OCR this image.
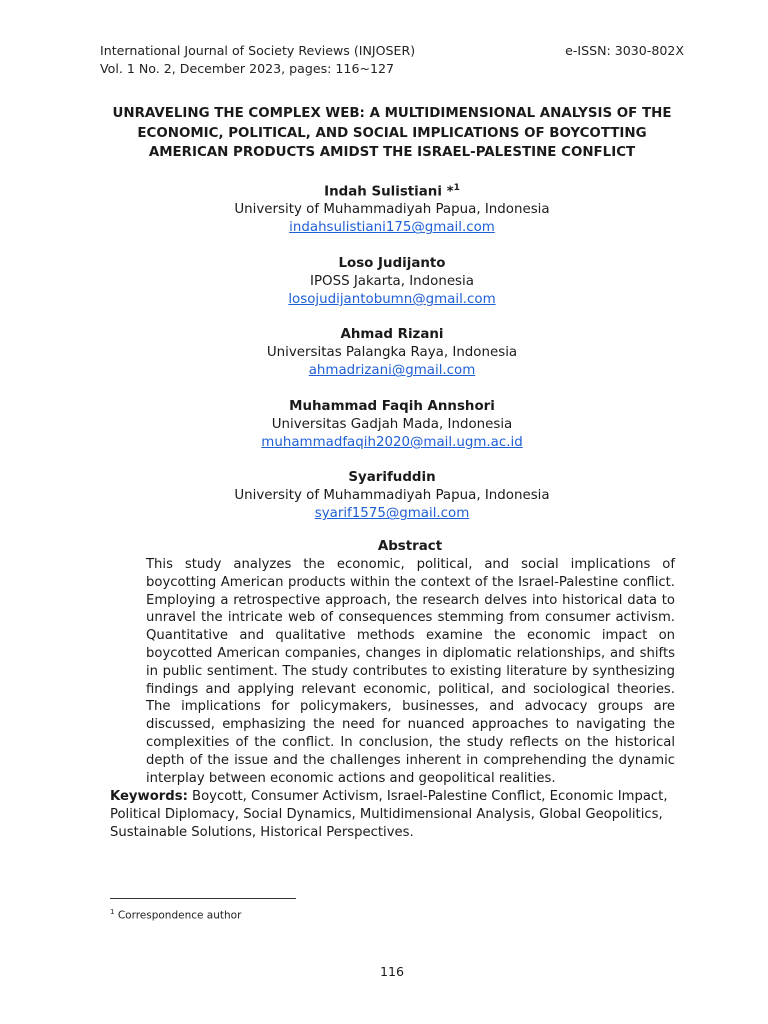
International Journal of Society Reviews (INJOSER)
Vol. 1 No. 2, December 2023, pages: 116~127
e-ISSN: 3030-802X
UNRAVELING THE COMPLEX WEB: A MULTIDIMENSIONAL ANALYSIS OF THE ECONOMIC, POLITICAL, AND SOCIAL IMPLICATIONS OF BOYCOTTING AMERICAN PRODUCTS AMIDST THE ISRAEL-PALESTINE CONFLICT
Indah Sulistiani *$^1$
University of Muhammadiyah Papua, Indonesia
indahsulistiani175@gmail.com
Loso Judijanto
IPOSS Jakarta, Indonesia
losojudijantobumn@gmail.com
Ahmad Rizani
Universitas Palangka Raya, Indonesia
ahmadrizani@gmail.com
Muhammad Faqih Annshori
Universitas Gadjah Mada, Indonesia
muhammadfaqih2020@mail.ugm.ac.id
Syarifuddin
University of Muhammadiyah Papua, Indonesia
syarif1575@gmail.com
Abstract
This study analyzes the economic, political, and social implications of boycotting American products within the context of the Israel-Palestine conflict. Employing a retrospective approach, the research delves into historical data to unravel the intricate web of consequences stemming from consumer activism. Quantitative and qualitative methods examine the economic impact on boycotted American companies, changes in diplomatic relationships, and shifts in public sentiment. The study contributes to existing literature by synthesizing findings and applying relevant economic, political, and sociological theories. The implications for policymakers, businesses, and advocacy groups are discussed, emphasizing the need for nuanced approaches to navigating the complexities of the conflict. In conclusion, the study reflects on the historical depth of the issue and the challenges inherent in comprehending the dynamic interplay between economic actions and geopolitical realities.
Keywords: Boycott, Consumer Activism, Israel-Palestine Conflict, Economic Impact, Political Diplomacy, Social Dynamics, Multidimensional Analysis, Global Geopolitics, Sustainable Solutions, Historical Perspectives.
$^1$ Correspondence author
116
